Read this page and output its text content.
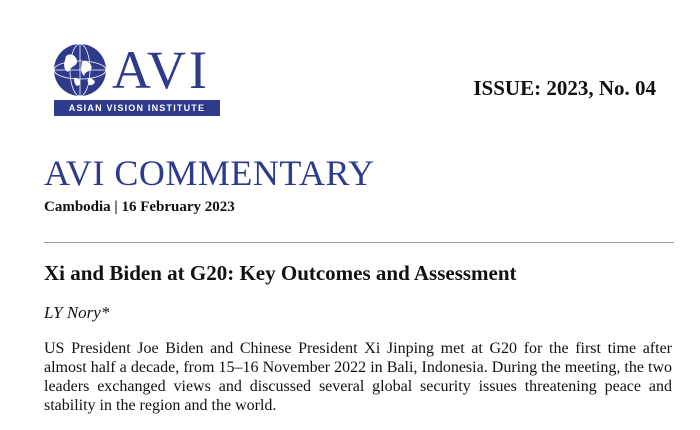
AVI
ASIAN VISION INSTITUTE
ISSUE: 2023, No. 04
AVI COMMENTARY
Cambodia | 16 February 2023
Xi and Biden at G20: Key Outcomes and Assessment
LY Nory*
US President Joe Biden and Chinese President Xi Jinping met at G20 for the first time after almost half a decade, from 15–16 November 2022 in Bali, Indonesia. During the meeting, the two leaders exchanged views and discussed several global security issues threatening peace and stability in the region and the world.
